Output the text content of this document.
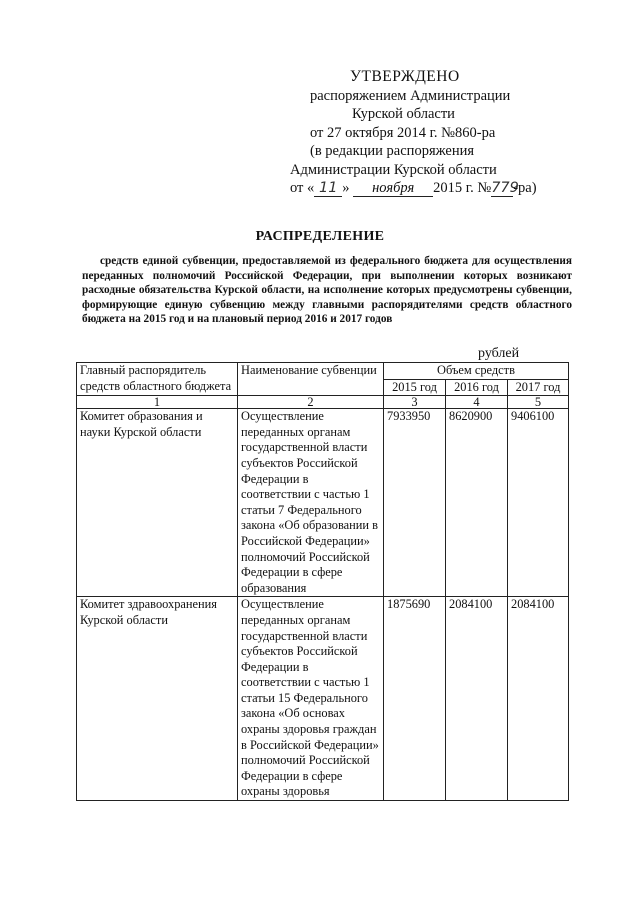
УТВЕРЖДЕНО
распоряжением Администрации
Курской области
от 27 октября 2014 г. №860-ра
(в редакции распоряжения
Администрации Курской области
от « 11 » ноября 2015 г. №779-ра)
РАСПРЕДЕЛЕНИЕ
средств единой субвенции, предоставляемой из федерального бюджета для осуществления переданных полномочий Российской Федерации, при выполнении которых возникают расходные обязательства Курской области, на исполнение которых предусмотрены субвенции, формирующие единую субвенцию между главными распорядителями средств областного бюджета на 2015 год и на плановый период 2016 и 2017 годов
рублей
Главный распорядитель средств областного бюджета	Наименование субвенции	Объем средств		
		2015 год	2016 год	2017 год
1	2	3	4	5
Комитет образования и науки Курской области	Осуществление переданных органам государственной власти субъектов Российской Федерации в соответствии с частью 1 статьи 7 Федерального закона «Об образовании в Российской Федерации» полномочий Российской Федерации в сфере образования	7933950	8620900	9406100
Комитет здравоохранения Курской области	Осуществление переданных органам государственной власти субъектов Российской Федерации в соответствии с частью 1 статьи 15 Федерального закона «Об основах охраны здоровья граждан в Российской Федерации» полномочий Российской Федерации в сфере охраны здоровья	1875690	2084100	2084100
